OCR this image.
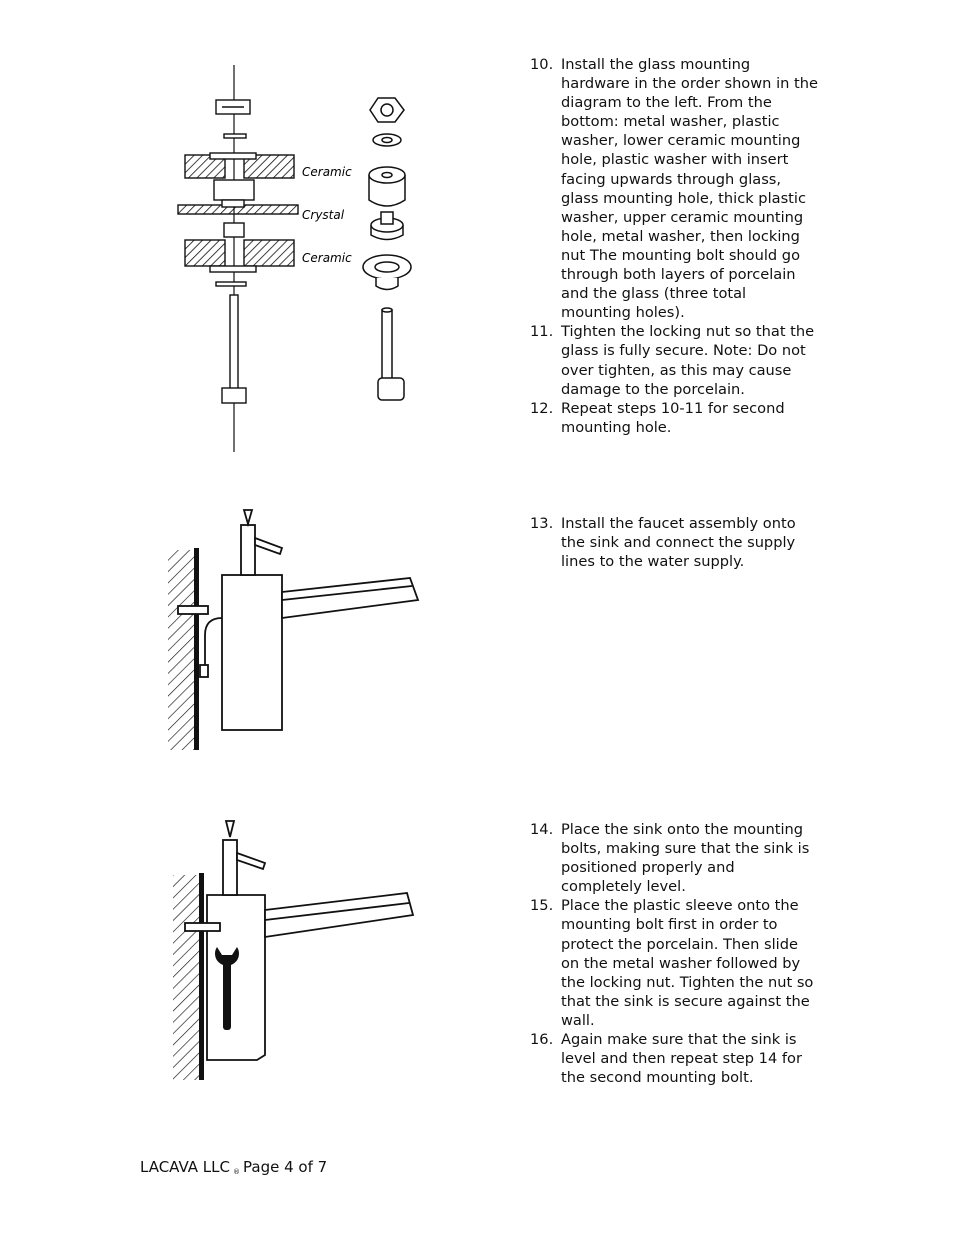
Ceramic
Crystal
Ceramic
10. Install the glass mounting hardware in the order shown in the diagram to the left. From the bottom: metal washer, plastic washer, lower ceramic mounting hole, plastic washer with insert facing upwards through glass, glass mounting hole, thick plastic washer, upper ceramic mounting hole, metal washer, then locking nut The mounting bolt should go through both layers of porcelain and the glass (three total mounting holes).
11. Tighten the locking nut so that the glass is fully secure. Note: Do not over tighten, as this may cause damage to the porcelain.
12. Repeat steps 10-11 for second mounting hole.
13. Install the faucet assembly onto the sink and connect the supply lines to the water supply.
14. Place the sink onto the mounting bolts, making sure that the sink is positioned properly and completely level.
15. Place the plastic sleeve onto the mounting bolt first in order to protect the porcelain. Then slide on the metal washer followed by the locking nut. Tighten the nut so that the sink is secure against the wall.
16. Again make sure that the sink is level and then repeat step 14 for the second mounting bolt.
LACAVA LLC ® Page 4 of 7
